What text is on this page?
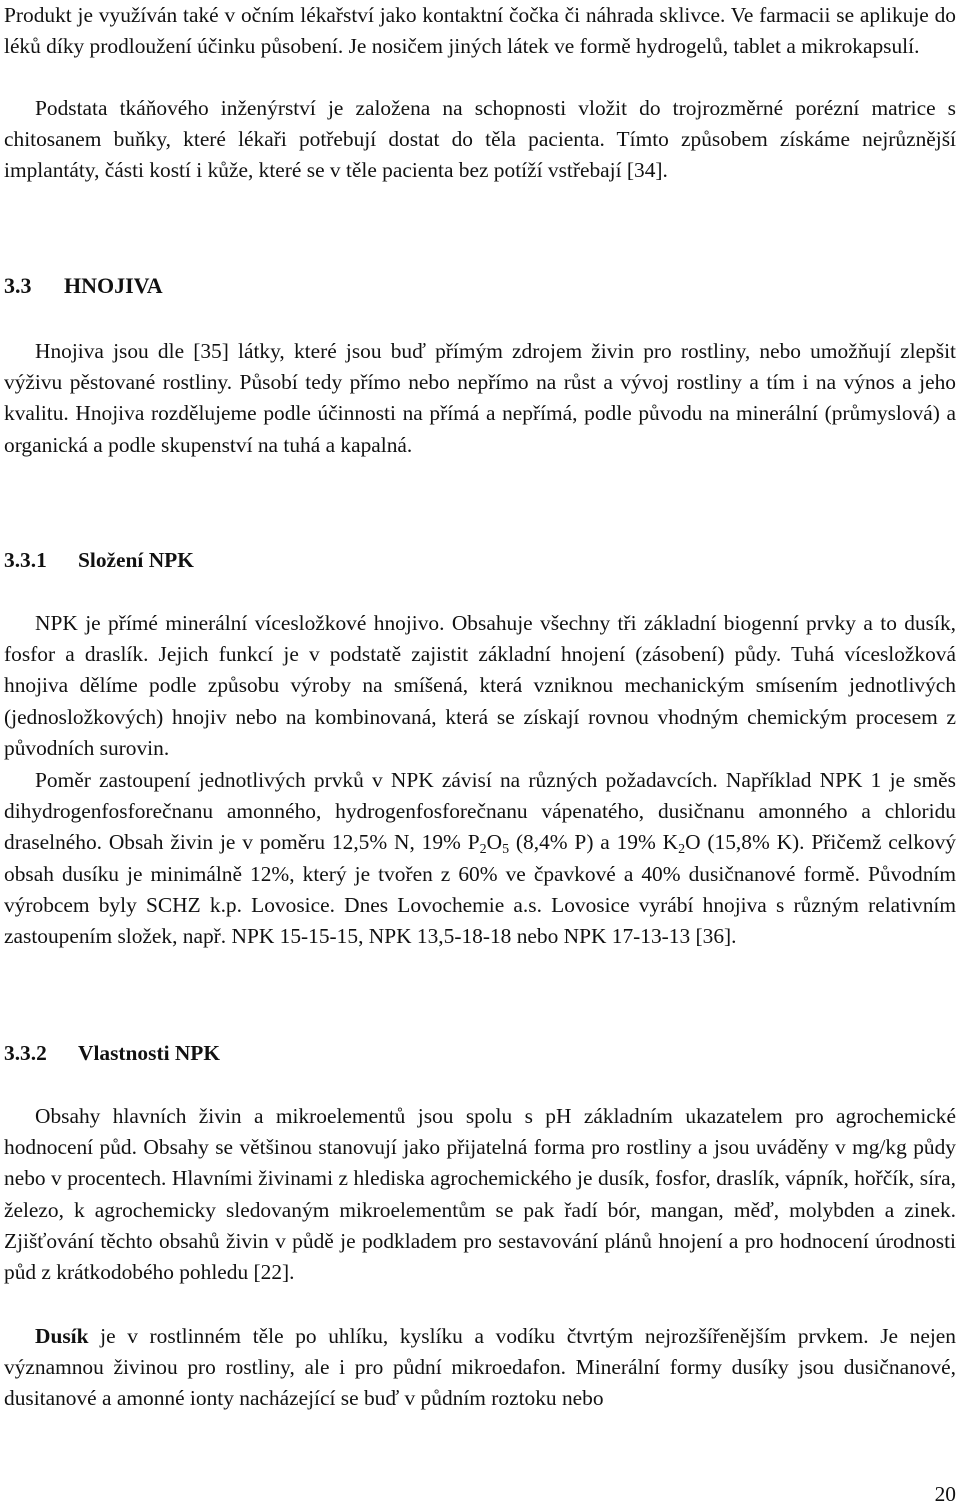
Produkt je využíván také v očním lékařství jako kontaktní čočka či náhrada sklivce. Ve farmacii se aplikuje do léků díky prodloužení účinku působení. Je nosičem jiných látek ve formě hydrogelů, tablet a mikrokapsulí.

Podstata tkáňového inženýrství je založena na schopnosti vložit do trojrozměrné porézní matrice s chitosanem buňky, které lékaři potřebují dostat do těla pacienta. Tímto způsobem získáme nejrůznější implantáty, části kostí i kůže, které se v těle pacienta bez potíží vstřebají [34].

3.3 HNOJIVA

Hnojiva jsou dle [35] látky, které jsou buď přímým zdrojem živin pro rostliny, nebo umožňují zlepšit výživu pěstované rostliny. Působí tedy přímo nebo nepřímo na růst a vývoj rostliny a tím i na výnos a jeho kvalitu. Hnojiva rozdělujeme podle účinnosti na přímá a nepřímá, podle původu na minerální (průmyslová) a organická a podle skupenství na tuhá a kapalná.

3.3.1 Složení NPK

NPK je přímé minerální vícesložkové hnojivo. Obsahuje všechny tři základní biogenní prvky a to dusík, fosfor a draslík. Jejich funkcí je v podstatě zajistit základní hnojení (zásobení) půdy. Tuhá vícesložková hnojiva dělíme podle způsobu výroby na smíšená, která vzniknou mechanickým smísením jednotlivých (jednosložkových) hnojiv nebo na kombinovaná, která se získají rovnou vhodným chemickým procesem z původních surovin.

Poměr zastoupení jednotlivých prvků v NPK závisí na různých požadavcích. Například NPK 1 je směs dihydrogenfosforečnanu amonného, hydrogenfosforečnanu vápenatého, dusičnanu amonného a chloridu draselného. Obsah živin je v poměru 12,5% N, 19% $P_2O_5$ (8,4% P) a 19% $K_2O$ (15,8% K). Přičemž celkový obsah dusíku je minimálně 12%, který je tvořen z 60% ve čpavkové a 40% dusičnanové formě. Původním výrobcem byly SCHZ k.p. Lovosice. Dnes Lovochemie a.s. Lovosice vyrábí hnojiva s různým relativním zastoupením složek, např. NPK 15-15-15, NPK 13,5-18-18 nebo NPK 17-13-13 [36].

3.3.2 Vlastnosti NPK

Obsahy hlavních živin a mikroelementů jsou spolu s pH základním ukazatelem pro agrochemické hodnocení půd. Obsahy se většinou stanovují jako přijatelná forma pro rostliny a jsou uváděny v mg/kg půdy nebo v procentech. Hlavními živinami z hlediska agrochemického je dusík, fosfor, draslík, vápník, hořčík, síra, železo, k agrochemicky sledovaným mikroelementům se pak řadí bór, mangan, měď, molybden a zinek. Zjišťování těchto obsahů živin v půdě je podkladem pro sestavování plánů hnojení a pro hodnocení úrodnosti půd z krátkodobého pohledu [22].

Dusík je v rostlinném těle po uhlíku, kyslíku a vodíku čtvrtým nejrozšířenějším prvkem. Je nejen významnou živinou pro rostliny, ale i pro půdní mikroedafon. Minerální formy dusíky jsou dusičnanové, dusitanové a amonné ionty nacházející se buď v půdním roztoku nebo

20
